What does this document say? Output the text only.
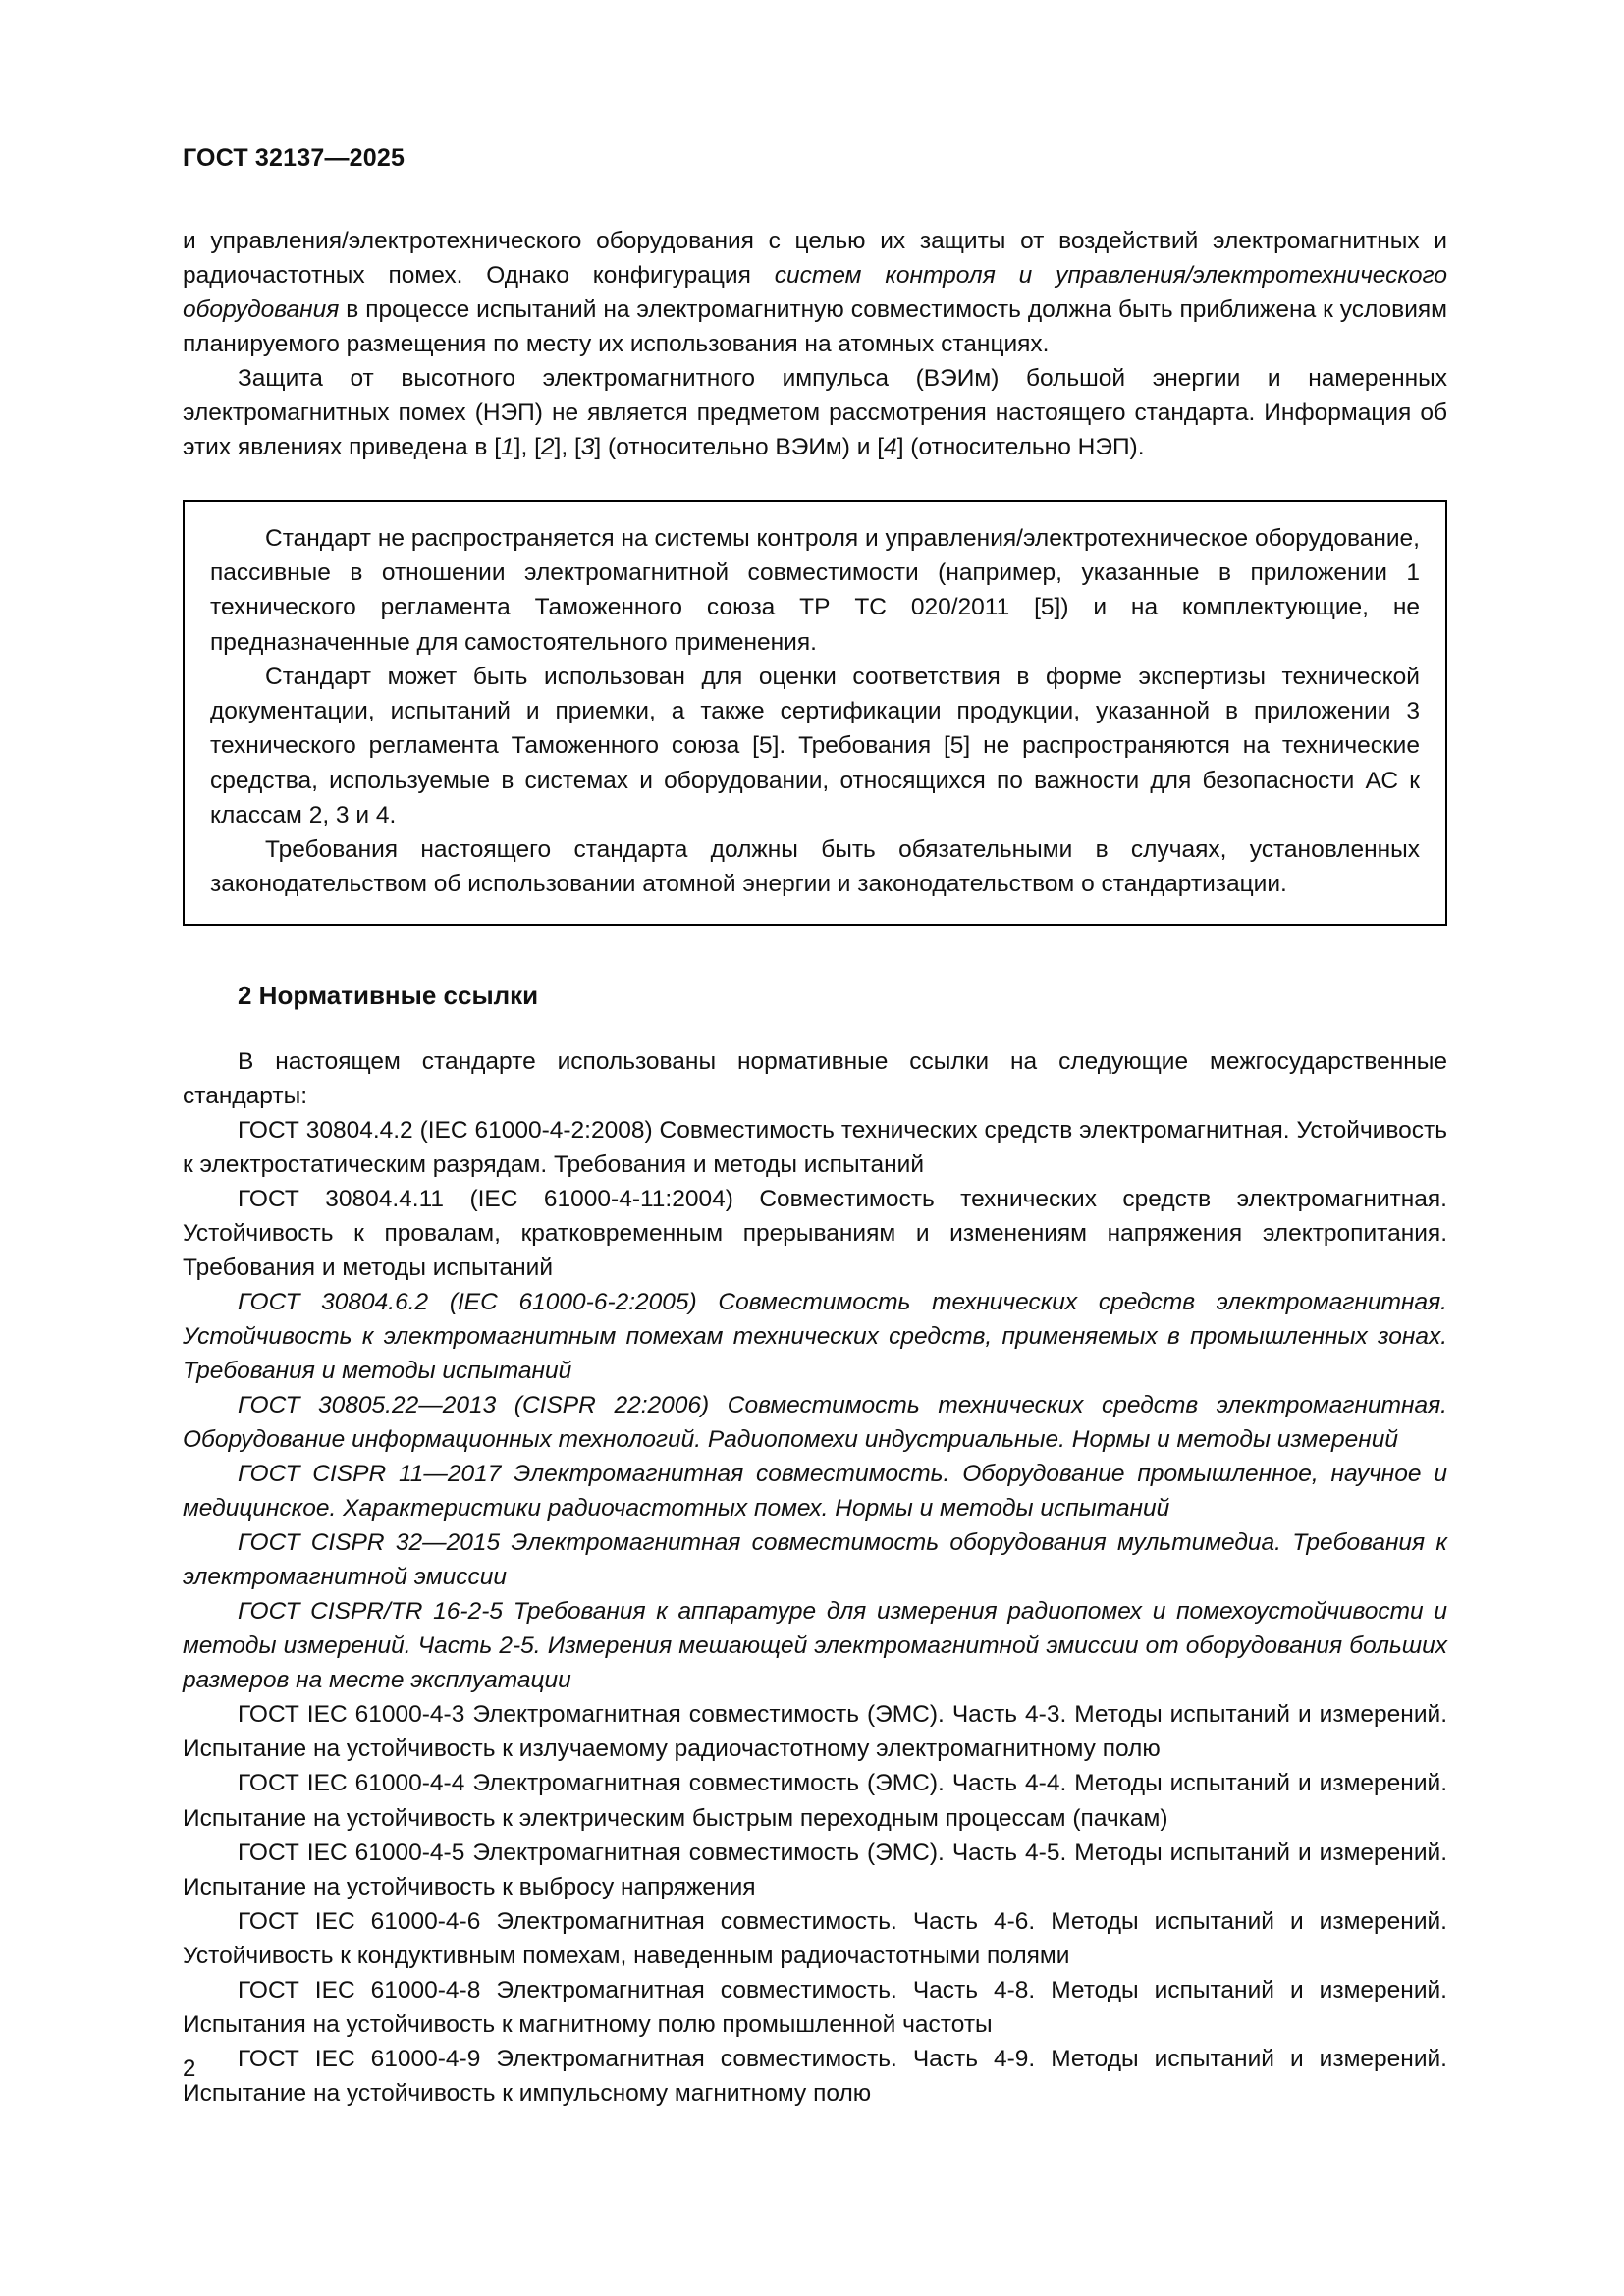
ГОСТ 32137—2025

и управления/электротехнического оборудования с целью их защиты от воздействий электромагнитных и радиочастотных помех. Однако конфигурация систем контроля и управления/электротехнического оборудования в процессе испытаний на электромагнитную совместимость должна быть приближена к условиям планируемого размещения по месту их использования на атомных станциях.

Защита от высотного электромагнитного импульса (ВЭИм) большой энергии и намеренных электромагнитных помех (НЭП) не является предметом рассмотрения настоящего стандарта. Информация об этих явлениях приведена в [1], [2], [3] (относительно ВЭИм) и [4] (относительно НЭП).

Стандарт не распространяется на системы контроля и управления/электротехническое оборудование, пассивные в отношении электромагнитной совместимости (например, указанные в приложении 1 технического регламента Таможенного союза ТР ТС 020/2011 [5]) и на комплектующие, не предназначенные для самостоятельного применения.

Стандарт может быть использован для оценки соответствия в форме экспертизы технической документации, испытаний и приемки, а также сертификации продукции, указанной в приложении 3 технического регламента Таможенного союза [5]. Требования [5] не распространяются на технические средства, используемые в системах и оборудовании, относящихся по важности для безопасности АС к классам 2, 3 и 4.

Требования настоящего стандарта должны быть обязательными в случаях, установленных законодательством об использовании атомной энергии и законодательством о стандартизации.

2 Нормативные ссылки

В настоящем стандарте использованы нормативные ссылки на следующие межгосударственные стандарты:

ГОСТ 30804.4.2 (IEC 61000-4-2:2008) Совместимость технических средств электромагнитная. Устойчивость к электростатическим разрядам. Требования и методы испытаний

ГОСТ 30804.4.11 (IEC 61000-4-11:2004) Совместимость технических средств электромагнитная. Устойчивость к провалам, кратковременным прерываниям и изменениям напряжения электропитания. Требования и методы испытаний

ГОСТ 30804.6.2 (IEC 61000-6-2:2005) Совместимость технических средств электромагнитная. Устойчивость к электромагнитным помехам технических средств, применяемых в промышленных зонах. Требования и методы испытаний

ГОСТ 30805.22—2013 (CISPR 22:2006) Совместимость технических средств электромагнитная. Оборудование информационных технологий. Радиопомехи индустриальные. Нормы и методы измерений

ГОСТ CISPR 11—2017 Электромагнитная совместимость. Оборудование промышленное, научное и медицинское. Характеристики радиочастотных помех. Нормы и методы испытаний

ГОСТ CISPR 32—2015 Электромагнитная совместимость оборудования мультимедиа. Требования к электромагнитной эмиссии

ГОСТ CISPR/TR 16-2-5 Требования к аппаратуре для измерения радиопомех и помехоустойчивости и методы измерений. Часть 2-5. Измерения мешающей электромагнитной эмиссии от оборудования больших размеров на месте эксплуатации

ГОСТ IEC 61000-4-3 Электромагнитная совместимость (ЭМС). Часть 4-3. Методы испытаний и измерений. Испытание на устойчивость к излучаемому радиочастотному электромагнитному полю

ГОСТ IEC 61000-4-4 Электромагнитная совместимость (ЭМС). Часть 4-4. Методы испытаний и измерений. Испытание на устойчивость к электрическим быстрым переходным процессам (пачкам)

ГОСТ IEC 61000-4-5 Электромагнитная совместимость (ЭМС). Часть 4-5. Методы испытаний и измерений. Испытание на устойчивость к выбросу напряжения

ГОСТ IEC 61000-4-6 Электромагнитная совместимость. Часть 4-6. Методы испытаний и измерений. Устойчивость к кондуктивным помехам, наведенным радиочастотными полями

ГОСТ IEC 61000-4-8 Электромагнитная совместимость. Часть 4-8. Методы испытаний и измерений. Испытания на устойчивость к магнитному полю промышленной частоты

ГОСТ IEC 61000-4-9 Электромагнитная совместимость. Часть 4-9. Методы испытаний и измерений. Испытание на устойчивость к импульсному магнитному полю

2
